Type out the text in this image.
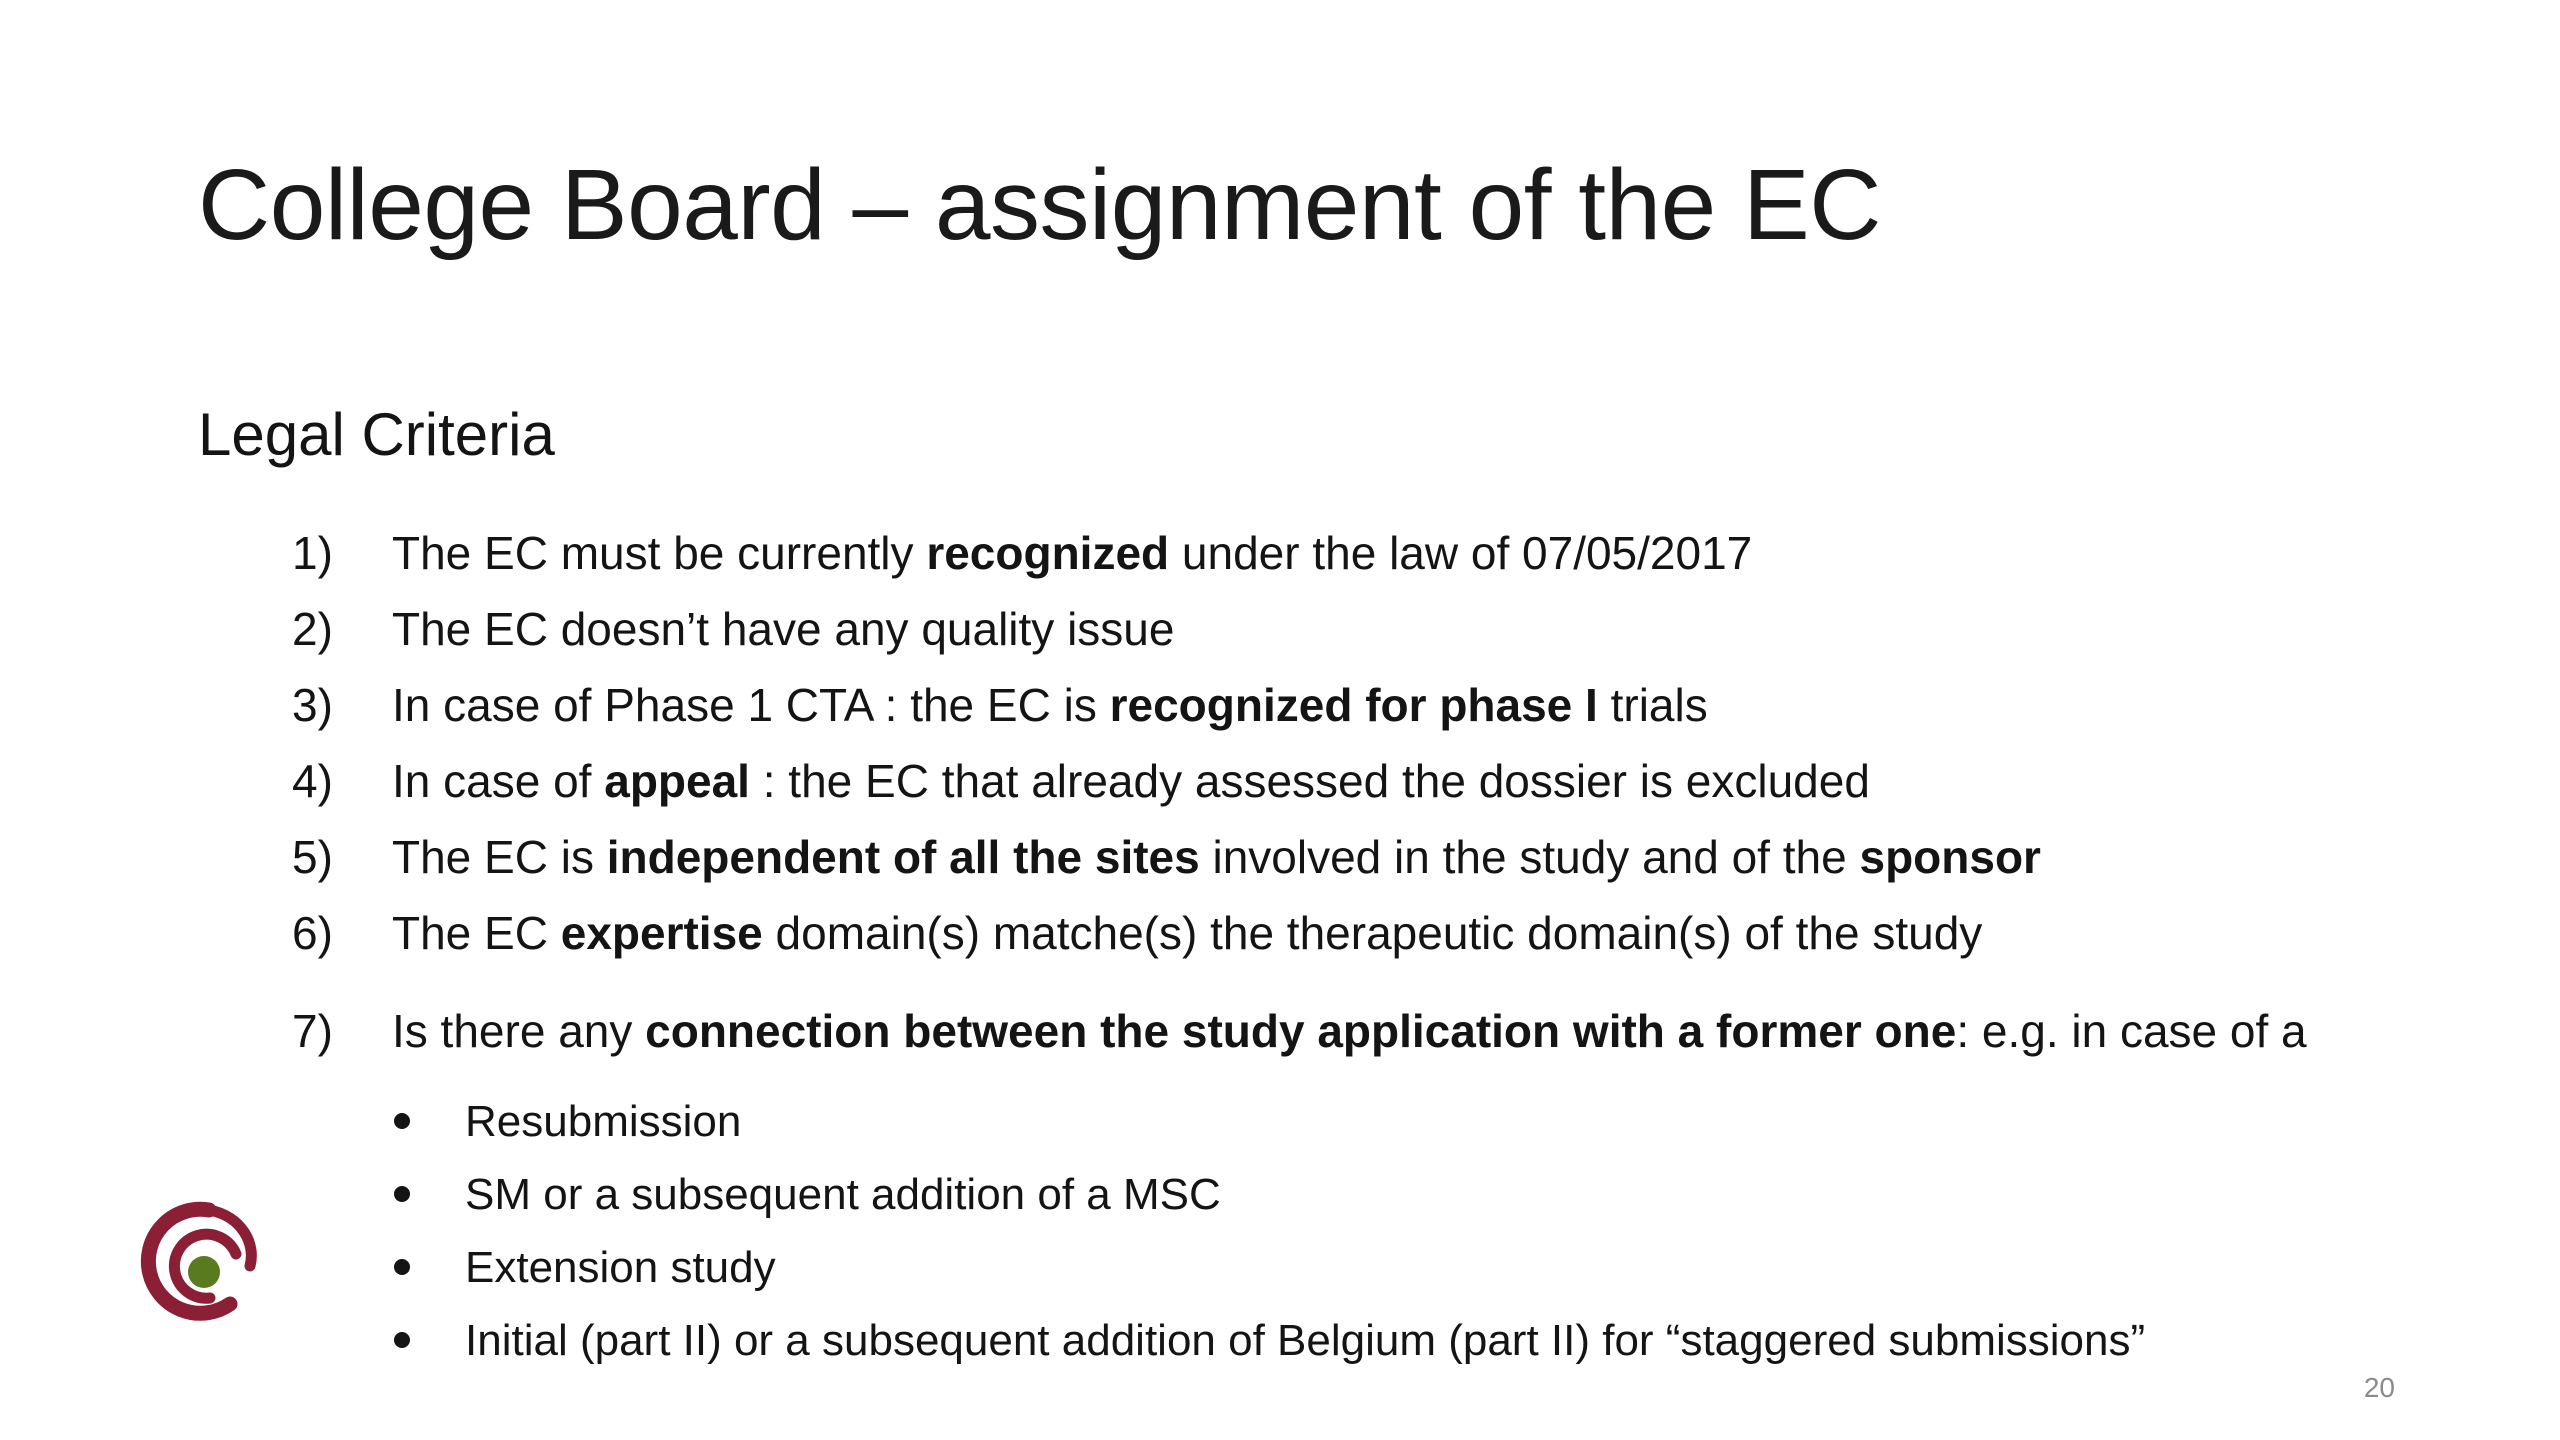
College Board – assignment of the EC
Legal Criteria
1) The EC must be currently recognized under the law of 07/05/2017
2) The EC doesn’t have any quality issue
3) In case of Phase 1 CTA : the EC is recognized for phase I trials
4) In case of appeal : the EC that already assessed the dossier is excluded
5) The EC is independent of all the sites involved in the study and of the sponsor
6) The EC expertise domain(s) matche(s) the therapeutic domain(s) of the study
7) Is there any connection between the study application with a former one: e.g. in case of a
Resubmission
SM or a subsequent addition of a MSC
Extension study
Initial (part II) or a subsequent addition of Belgium (part II) for “staggered submissions”
20
